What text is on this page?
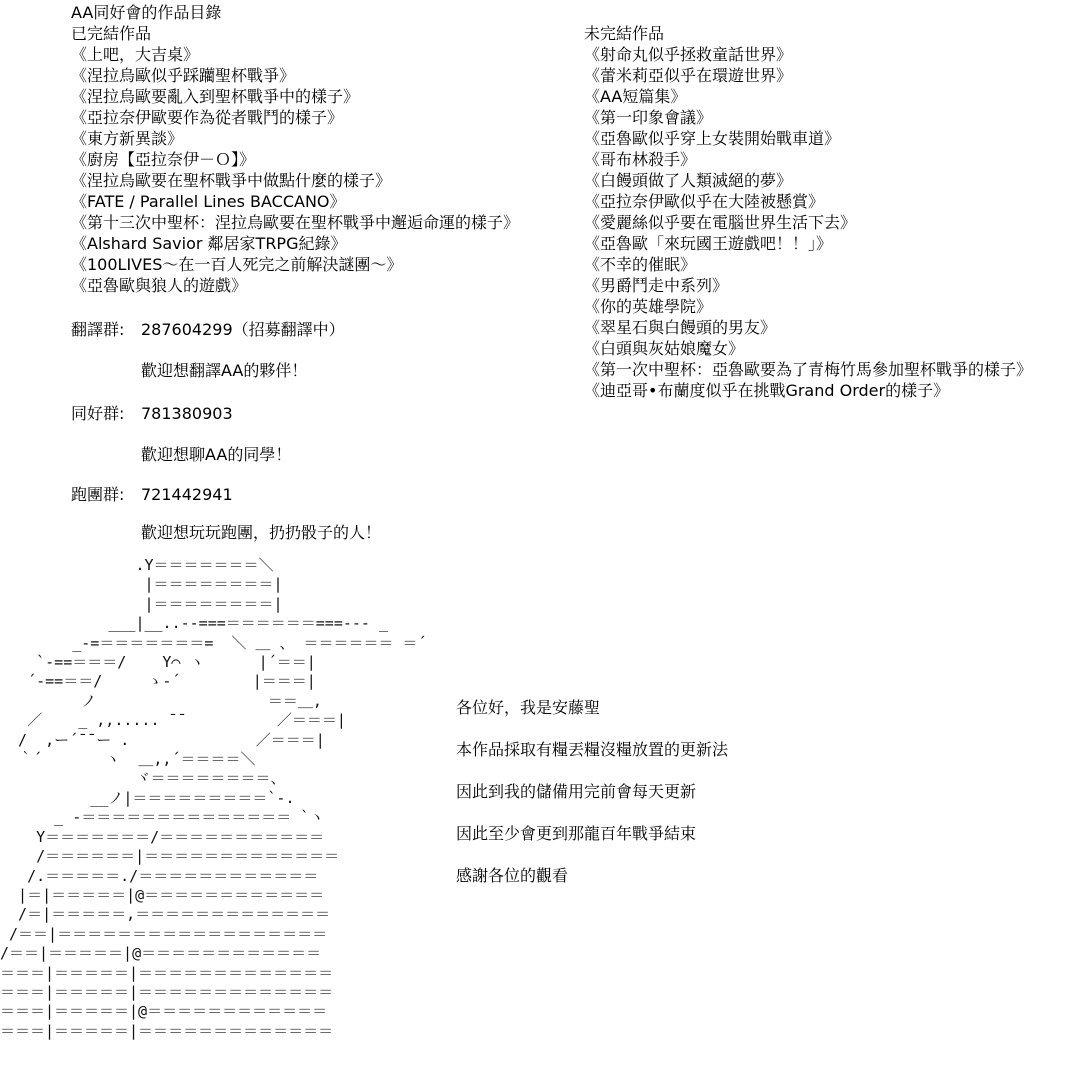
AA同好會的作品目錄
已完結作品
《上吧，大吉桌》
《涅拉烏歐似乎踩躪聖杯戰爭》
《涅拉烏歐要亂入到聖杯戰爭中的樣子》
《亞拉奈伊歐要作為從者戰鬥的樣子》
《東方新異談》
《廚房【亞拉奈伊－Ｏ】》
《涅拉烏歐要在聖杯戰爭中做點什麼的樣子》
《FATE / Parallel Lines BACCANO》
《第十三次中聖杯：涅拉烏歐要在聖杯戰爭中邂逅命運的樣子》
《Alshard Savior 鄰居家TRPG紀錄》
《100LIVES～在一百人死完之前解決謎團～》
《亞魯歐與狼人的遊戲》
未完結作品
《射命丸似乎拯救童話世界》
《蕾米莉亞似乎在環遊世界》
《AA短篇集》
《第一印象會議》
《亞魯歐似乎穿上女裝開始戰車道》
《哥布林殺手》
《白饅頭做了人類滅絕的夢》
《亞拉奈伊歐似乎在大陸被懸賞》
《愛麗絲似乎要在電腦世界生活下去》
《亞魯歐「來玩國王遊戲吧！！」》
《不幸的催眠》
《男爵鬥走中系列》
《你的英雄學院》
《翠星石與白饅頭的男友》
《白頭與灰姑娘魔女》
《第一次中聖杯：亞魯歐要為了青梅竹馬參加聖杯戰爭的樣子》
《迪亞哥•布蘭度似乎在挑戰Grand Order的樣子》
翻譯群: 287604299（招募翻譯中）
歡迎想翻譯AA的夥伴！
同好群: 781380903
歡迎想聊AA的同學！
跑團群: 721442941
歡迎想玩玩跑團，扔扔骰子的人！
.Y＝＝＝＝＝＝＝＼
|＝＝＝＝＝＝＝＝|
|＝＝＝＝＝＝＝＝|
___|__..--===＝＝＝＝＝＝===--- _
_-=＝＝＝＝＝＝＝=  ＼ ＿ 、 ＝＝＝＝＝＝ ＝´
`-==＝＝＝/    Y⌒ ヽ      |´＝＝|
´-==＝＝/     ゝ-´        |＝＝＝|
ノ                   ＝＝＿,
／    _ ,,..... ¯¯          ／＝＝＝|
/  ,ー´¯¯ー .              ／＝＝＝|
｀´       ヽ  ＿,,´＝＝＝＝＼
ヾ＝＝＝＝＝＝＝＝、
__ノ|＝＝＝＝＝＝＝＝＝`-.
_ -＝＝＝＝＝＝＝＝＝＝＝＝＝＝ `ヽ
Y＝＝＝＝＝＝＝/＝＝＝＝＝＝＝＝＝＝＝
/＝＝＝＝＝＝|＝＝＝＝＝＝＝＝＝＝＝＝＝
/.＝＝＝＝＝./＝＝＝＝＝＝＝＝＝＝＝＝
|＝|＝＝＝＝＝|@＝＝＝＝＝＝＝＝＝＝＝＝
/＝|＝＝＝＝＝,＝＝＝＝＝＝＝＝＝＝＝＝＝
/＝＝|＝＝＝＝＝＝＝＝＝＝＝＝＝＝＝＝＝＝
/＝＝|＝＝＝＝＝|@＝＝＝＝＝＝＝＝＝＝＝＝
＝＝＝|＝＝＝＝＝|＝＝＝＝＝＝＝＝＝＝＝＝＝
＝＝＝|＝＝＝＝＝|＝＝＝＝＝＝＝＝＝＝＝＝＝
＝＝＝|＝＝＝＝＝|@＝＝＝＝＝＝＝＝＝＝＝＝
＝＝＝|＝＝＝＝＝|＝＝＝＝＝＝＝＝＝＝＝＝＝
各位好，我是安藤聖
本作品採取有糧丟糧沒糧放置的更新法
因此到我的儲備用完前會每天更新
因此至少會更到那龍百年戰爭結束
感謝各位的觀看
